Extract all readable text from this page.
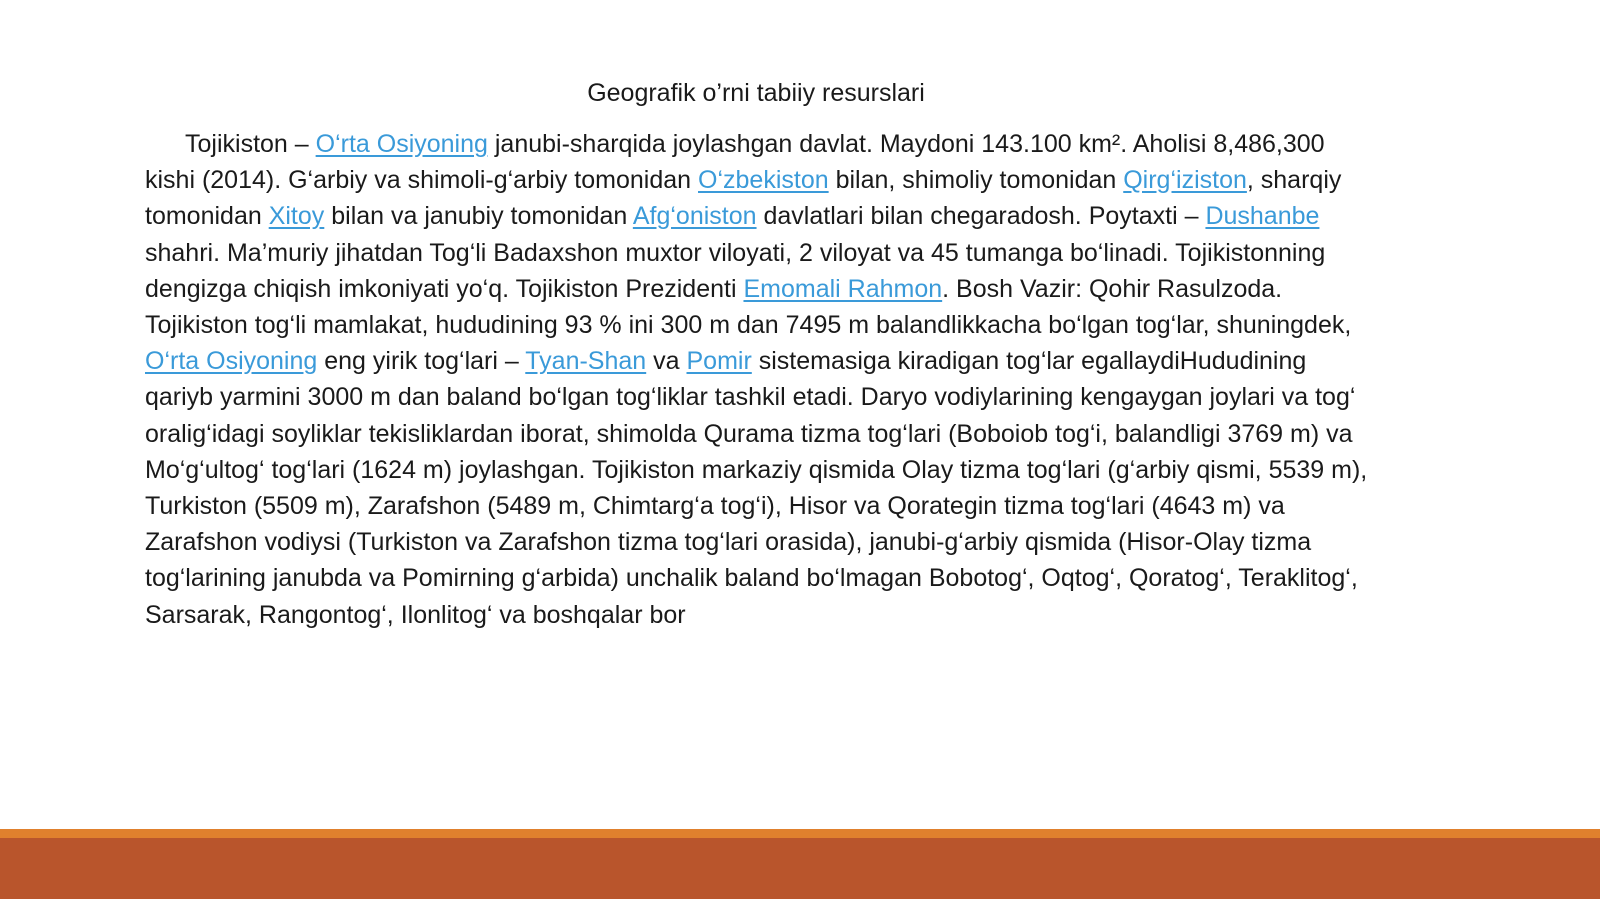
Geografik o’rni tabiiy resurslari
Tojikiston – O‘rta Osiyoning janubi-sharqida joylashgan davlat. Maydoni 143.100 km². Aholisi 8,486,300 kishi (2014). G‘arbiy va shimoli-g‘arbiy tomonidan O‘zbekiston bilan, shimoliy tomonidan Qirg‘iziston, sharqiy tomonidan Xitoy bilan va janubiy tomonidan Afg‘oniston davlatlari bilan chegaradosh. Poytaxti – Dushanbe shahri. Ma’muriy jihatdan Tog‘li Badaxshon muxtor viloyati, 2 viloyat va 45 tumanga bo‘linadi. Tojikistonning dengizga chiqish imkoniyati yo‘q. Tojikiston Prezidenti Emomali Rahmon. Bosh Vazir: Qohir Rasulzoda. Tojikiston tog‘li mamlakat, hududining 93 % ini 300 m dan 7495 m balandlikkacha bo‘lgan tog‘lar, shuningdek, O‘rta Osiyoning eng yirik tog‘lari – Tyan-Shan va Pomir sistemasiga kiradigan tog‘lar egallaydiHududining qariyb yarmini 3000 m dan baland bo‘lgan tog‘liklar tashkil etadi. Daryo vodiylarining kengaygan joylari va tog‘ oralig‘idagi soyliklar tekisliklardan iborat, shimolda Qurama tizma tog‘lari (Boboiob tog‘i, balandligi 3769 m) va Mo‘g‘ultog‘ tog‘lari (1624 m) joylashgan. Tojikiston markaziy qismida Olay tizma tog‘lari (g‘arbiy qismi, 5539 m), Turkiston (5509 m), Zarafshon (5489 m, Chimtarg‘a tog‘i), Hisor va Qorategin tizma tog‘lari (4643 m) va Zarafshon vodiysi (Turkiston va Zarafshon tizma tog‘lari orasida), janubi-g‘arbiy qismida (Hisor-Olay tizma tog‘larining janubda va Pomirning g‘arbida) unchalik baland bo‘lmagan Bobotog‘, Oqtog‘, Qoratog‘, Teraklitog‘, Sarsarak, Rangontog‘, Ilonlitog‘ va boshqalar bor
